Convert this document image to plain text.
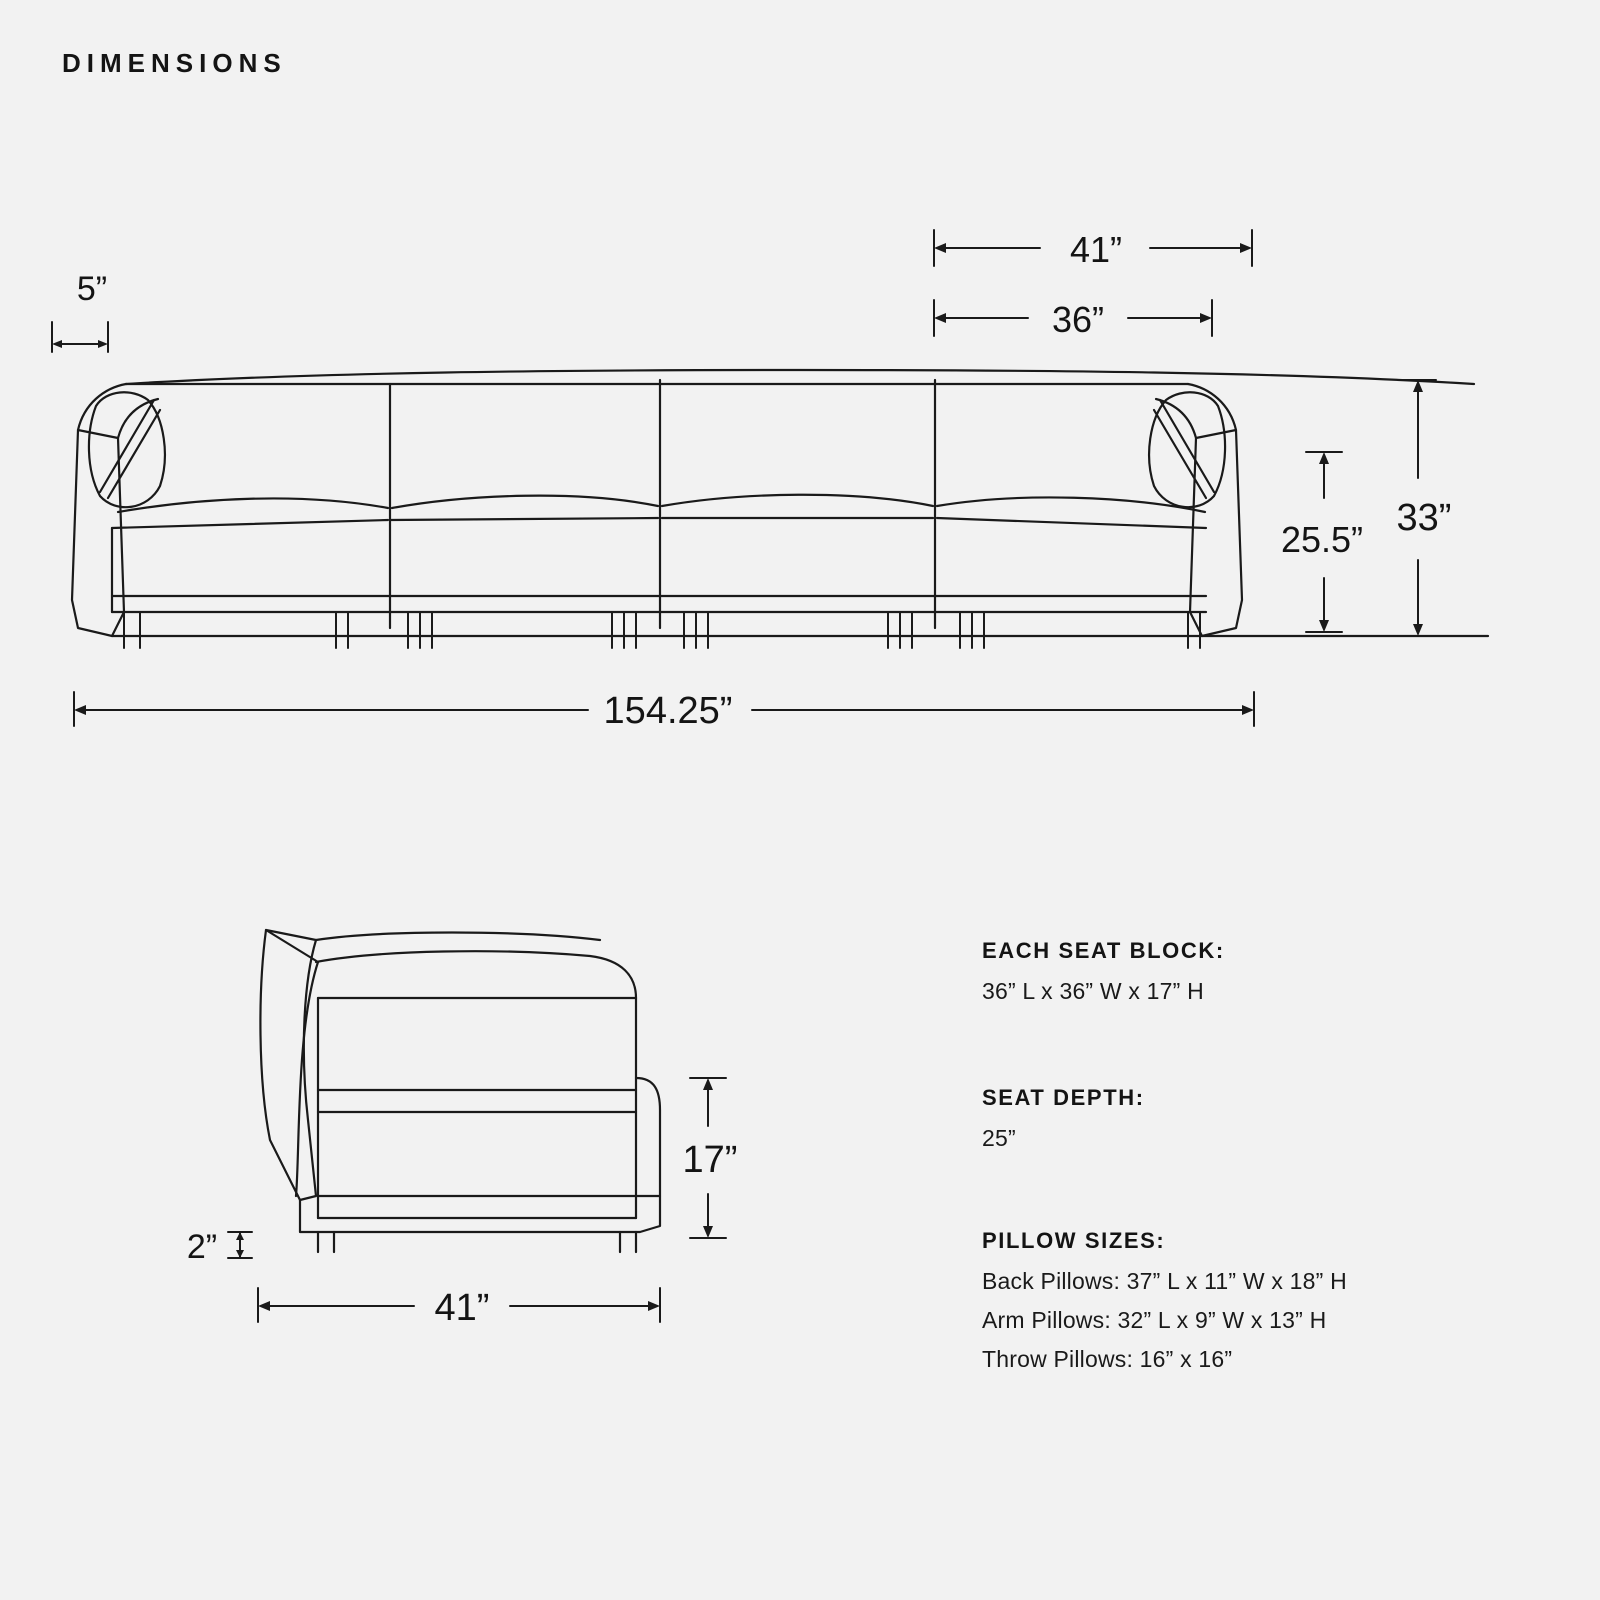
DIMENSIONS
5”
41”
36”
25.5”
33”
154.25”
17”
2”
41”

EACH SEAT BLOCK:

36” L x 36” W x 17” H

SEAT DEPTH:

25”

PILLOW SIZES:

Back Pillows: 37” L x 11” W x 18” H

Arm Pillows: 32” L x 9” W x 13” H

Throw Pillows: 16” x 16”
